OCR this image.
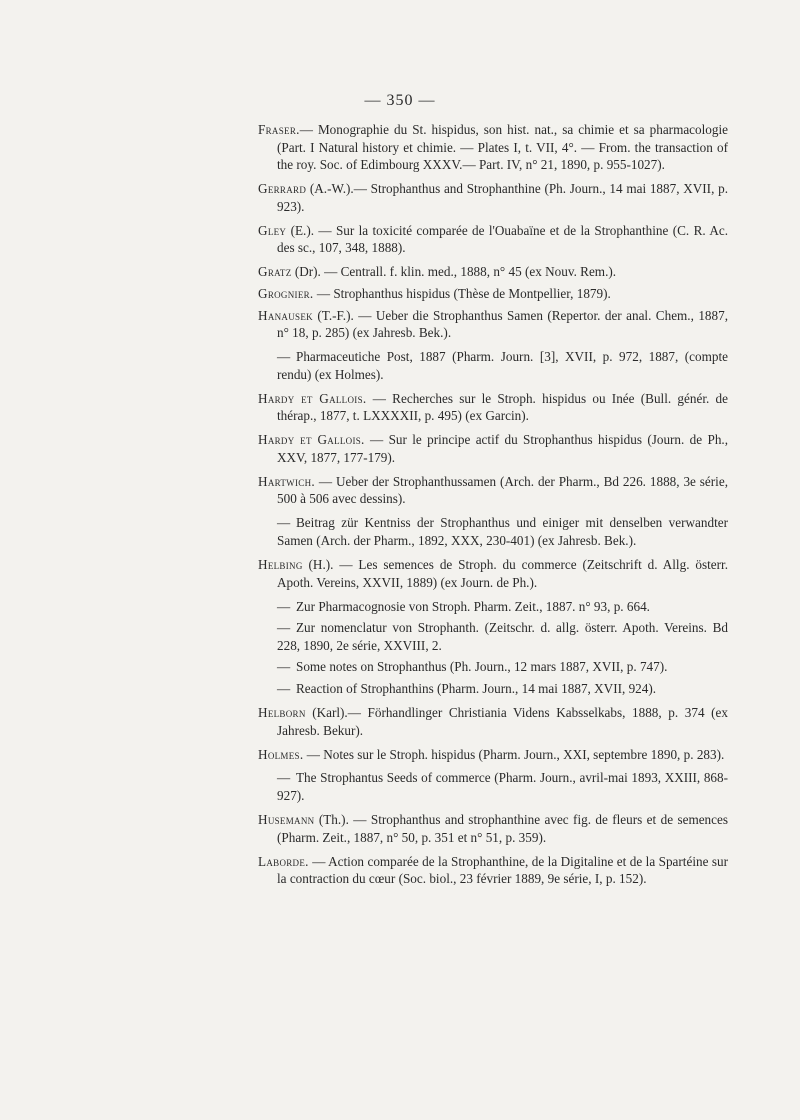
— 350 —

Fraser.— Monographie du St. hispidus, son hist. nat., sa chimie et sa pharmacologie (Part. I Natural history et chimie. — Plates I, t. VII, 4°. — From. the transaction of the roy. Soc. of Edimbourg XXXV.— Part. IV, n° 21, 1890, p. 955-1027).

Gerrard (A.-W.).— Strophanthus and Strophanthine (Ph. Journ., 14 mai 1887, XVII, p. 923).

Gley (E.). — Sur la toxicité comparée de l'Ouabaïne et de la Strophanthine (C. R. Ac. des sc., 107, 348, 1888).

Gratz (Dr). — Centrall. f. klin. med., 1888, n° 45 (ex Nouv. Rem.).

Grognier. — Strophanthus hispidus (Thèse de Montpellier, 1879).

Hanausek (T.-F.). — Ueber die Strophanthus Samen (Repertor. der anal. Chem., 1887, n° 18, p. 285) (ex Jahresb. Bek.).

— Pharmaceutiche Post, 1887 (Pharm. Journ. [3], XVII, p. 972, 1887, (compte rendu) (ex Holmes).

Hardy et Gallois. — Recherches sur le Stroph. hispidus ou Inée (Bull. génér. de thérap., 1877, t. LXXXXII, p. 495) (ex Garcin).

Hardy et Gallois. — Sur le principe actif du Strophanthus hispidus (Journ. de Ph., XXV, 1877, 177-179).

Hartwich. — Ueber der Strophanthussamen (Arch. der Pharm., Bd 226. 1888, 3e série, 500 à 506 avec dessins).

— Beitrag zür Kentniss der Strophanthus und einiger mit denselben verwandter Samen (Arch. der Pharm., 1892, XXX, 230-401) (ex Jahresb. Bek.).

Helbing (H.). — Les semences de Stroph. du commerce (Zeitschrift d. Allg. österr. Apoth. Vereins, XXVII, 1889) (ex Journ. de Ph.).

— Zur Pharmacognosie von Stroph. Pharm. Zeit., 1887. n° 93, p. 664.

— Zur nomenclatur von Strophanth. (Zeitschr. d. allg. österr. Apoth. Vereins. Bd 228, 1890, 2e série, XXVIII, 2.

— Some notes on Strophanthus (Ph. Journ., 12 mars 1887, XVII, p. 747).

— Reaction of Strophanthins (Pharm. Journ., 14 mai 1887, XVII, 924).

Helborn (Karl).— Förhandlinger Christiania Videns Kabsselkabs, 1888, p. 374 (ex Jahresb. Bekur).

Holmes. — Notes sur le Stroph. hispidus (Pharm. Journ., XXI, septembre 1890, p. 283).

— The Strophantus Seeds of commerce (Pharm. Journ., avril-mai 1893, XXIII, 868-927).

Husemann (Th.). — Strophanthus and strophanthine avec fig. de fleurs et de semences (Pharm. Zeit., 1887, n° 50, p. 351 et n° 51, p. 359).

Laborde. — Action comparée de la Strophanthine, de la Digitaline et de la Spartéine sur la contraction du cœur (Soc. biol., 23 février 1889, 9e série, I, p. 152).
